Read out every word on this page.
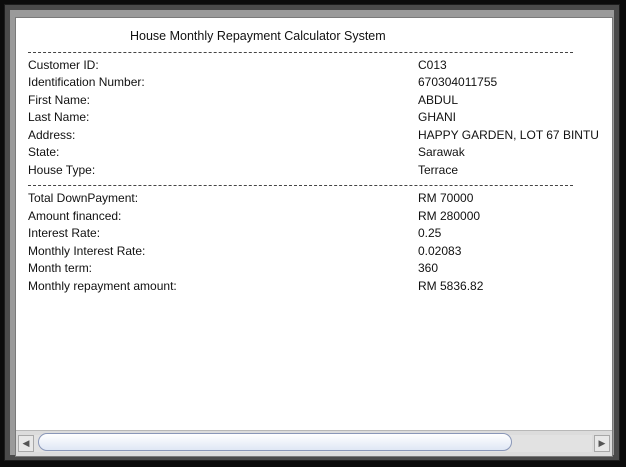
House Monthly Repayment Calculator System
Customer ID:	C013
Identification Number:	670304011755
First Name:	ABDUL
Last Name:	GHANI
Address:	HAPPY GARDEN, LOT 67 BINTU
State:	Sarawak
House Type:	Terrace
Total DownPayment:	RM 70000
Amount financed:	RM 280000
Interest Rate:	0.25
Monthly Interest Rate:	0.02083
Month term:	360
Monthly repayment amount:	RM 5836.82
◀	▶
